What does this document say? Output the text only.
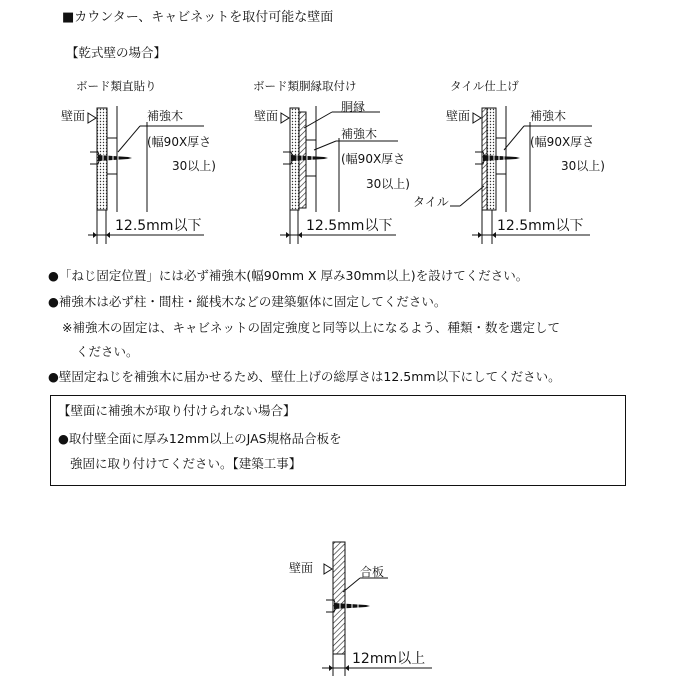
■カウンター、キャビネットを取付可能な壁面
【乾式壁の場合】
ボード類直貼り	ボード類胴縁取付け	タイル仕上げ
壁面	補強木
(幅90X厚さ
30以上)
12.5mm以下
壁面
胴縁
補強木
(幅90X厚さ
30以上)
12.5mm以下
壁面	補強木
(幅90X厚さ
30以上)
タイル
12.5mm以下
●「ねじ固定位置」には必ず補強木(幅90mm X 厚み30mm以上)を設けてください。
●補強木は必ず柱・間柱・縦桟木などの建築躯体に固定してください。
※補強木の固定は、キャビネットの固定強度と同等以上になるよう、種類・数を選定して
ください。
●壁固定ねじを補強木に届かせるため、壁仕上げの総厚さは12.5mm以下にしてください。
【壁面に補強木が取り付けられない場合】
●取付壁全面に厚み12mm以上のJAS規格品合板を
強固に取り付けてください。【建築工事】
壁面	合板
12mm以上
